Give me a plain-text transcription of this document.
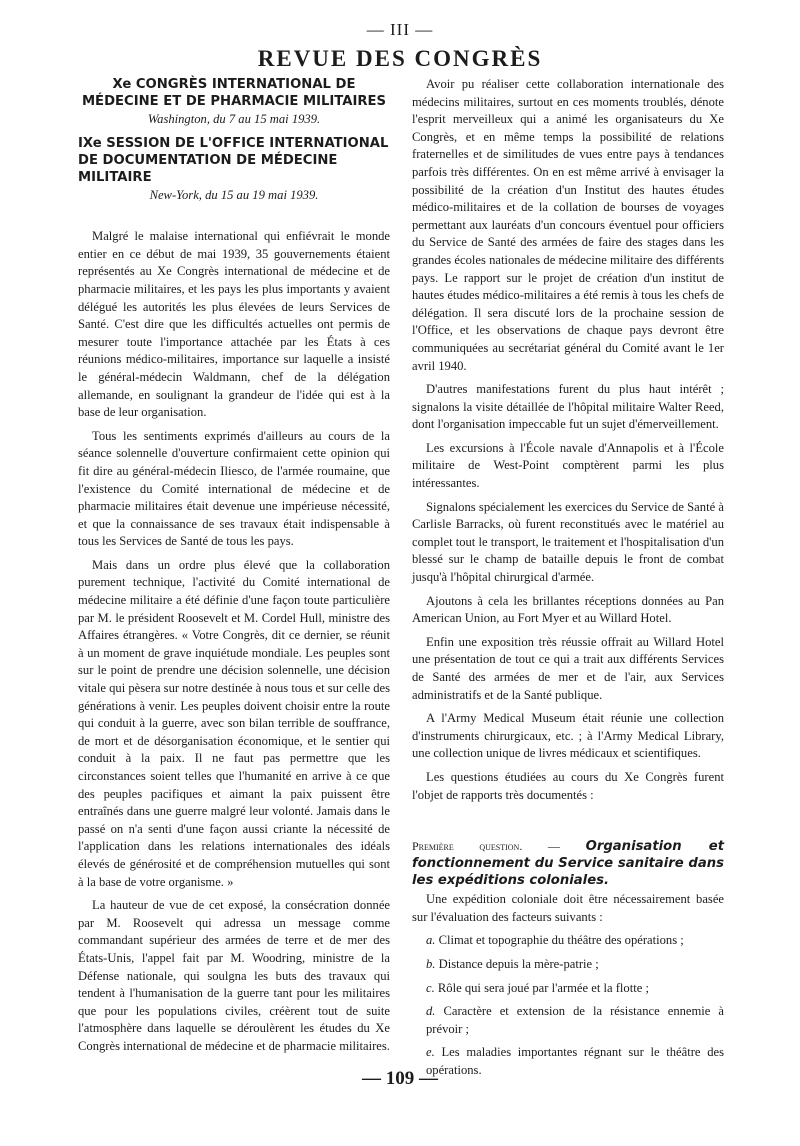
— III —
REVUE DES CONGRÈS
Xe CONGRÈS INTERNATIONAL DE MÉDECINE ET DE PHARMACIE MILITAIRES
Washington, du 7 au 15 mai 1939.
IXe SESSION DE L'OFFICE INTERNATIONAL DE DOCUMENTATION DE MÉDECINE MILITAIRE
New-York, du 15 au 19 mai 1939.

Malgré le malaise international qui enfiévrait le monde entier en ce début de mai 1939, 35 gouvernements étaient représentés au Xe Congrès international de médecine et de pharmacie militaires, et les pays les plus importants y avaient délégué les autorités les plus élevées de leurs Services de Santé. C'est dire que les difficultés actuelles ont permis de mesurer toute l'importance attachée par les États à ces réunions médico-militaires, importance sur laquelle a insisté le général-médecin Waldmann, chef de la délégation allemande, en soulignant la grandeur de l'idée qui est à la base de leur organisation.

Tous les sentiments exprimés d'ailleurs au cours de la séance solennelle d'ouverture confirmaient cette opinion qui fit dire au général-médecin Iliesco, de l'armée roumaine, que l'existence du Comité international de médecine et de pharmacie militaires était devenue une impérieuse nécessité, et que la connaissance de ses travaux était indispensable à tous les Services de Santé de tous les pays.

Mais dans un ordre plus élevé que la collaboration purement technique, l'activité du Comité international de médecine militaire a été définie d'une façon toute particulière par M. le président Roosevelt et M. Cordel Hull, ministre des Affaires étrangères. « Votre Congrès, dit ce dernier, se réunit à un moment de grave inquiétude mondiale. Les peuples sont sur le point de prendre une décision solennelle, une décision vitale qui pèsera sur notre destinée à nous tous et sur celle des générations à venir. Les peuples doivent choisir entre la route qui conduit à la guerre, avec son bilan terrible de souffrance, de mort et de désorganisation économique, et le sentier qui conduit à la paix. Il ne faut pas permettre que les circonstances soient telles que l'humanité en arrive à ce que des peuples pacifiques et aimant la paix puissent être entraînés dans une guerre malgré leur volonté. Jamais dans le passé on n'a senti d'une façon aussi criante la nécessité de l'application dans les relations internationales des idéals élevés de générosité et de compréhension mutuelles qui sont à la base de votre organisme. »

La hauteur de vue de cet exposé, la consécration donnée par M. Roosevelt qui adressa un message comme commandant supérieur des armées de terre et de mer des États-Unis, l'appel fait par M. Woodring, ministre de la Défense nationale, qui soulgna les buts des travaux qui tendent à l'humanisation de la guerre tant pour les militaires que pour les populations civiles, créèrent tout de suite l'atmosphère dans laquelle se déroulèrent les études du Xe Congrès international de médecine et de pharmacie militaires.

Avoir pu réaliser cette collaboration internationale des médecins militaires, surtout en ces moments troublés, dénote l'esprit merveilleux qui a animé les organisateurs du Xe Congrès, et en même temps la possibilité de relations fraternelles et de similitudes de vues entre pays à tendances parfois très différentes. On en est même arrivé à envisager la possibilité de la création d'un Institut des hautes études médico-militaires et de la collation de bourses de voyages permettant aux lauréats d'un concours éventuel pour officiers du Service de Santé des armées de faire des stages dans les grandes écoles nationales de médecine militaire des différents pays. Le rapport sur le projet de création d'un institut de hautes études médico-militaires a été remis à tous les chefs de délégation. Il sera discuté lors de la prochaine session de l'Office, et les observations de chaque pays devront être communiquées au secrétariat général du Comité avant le 1er avril 1940.

D'autres manifestations furent du plus haut intérêt ; signalons la visite détaillée de l'hôpital militaire Walter Reed, dont l'organisation impeccable fut un sujet d'émerveillement.

Les excursions à l'École navale d'Annapolis et à l'École militaire de West-Point comptèrent parmi les plus intéressantes.

Signalons spécialement les exercices du Service de Santé à Carlisle Barracks, où furent reconstitués avec le matériel au complet tout le transport, le traitement et l'hospitalisation d'un blessé sur le champ de bataille depuis le front de combat jusqu'à l'hôpital chirurgical d'armée.

Ajoutons à cela les brillantes réceptions données au Pan American Union, au Fort Myer et au Willard Hotel.

Enfin une exposition très réussie offrait au Willard Hotel une présentation de tout ce qui a trait aux différents Services de Santé des armées de mer et de l'air, aux Services administratifs et de la Santé publique.

A l'Army Medical Museum était réunie une collection d'instruments chirurgicaux, etc. ; à l'Army Medical Library, une collection unique de livres médicaux et scientifiques.

Les questions étudiées au cours du Xe Congrès furent l'objet de rapports très documentés :

Première question. — Organisation et fonctionnement du Service sanitaire dans les expéditions coloniales.

Une expédition coloniale doit être nécessairement basée sur l'évaluation des facteurs suivants :

a. Climat et topographie du théâtre des opérations ;

b. Distance depuis la mère-patrie ;

c. Rôle qui sera joué par l'armée et la flotte ;

d. Caractère et extension de la résistance ennemie à prévoir ;

e. Les maladies importantes régnant sur le théâtre des opérations.

— 109 —
